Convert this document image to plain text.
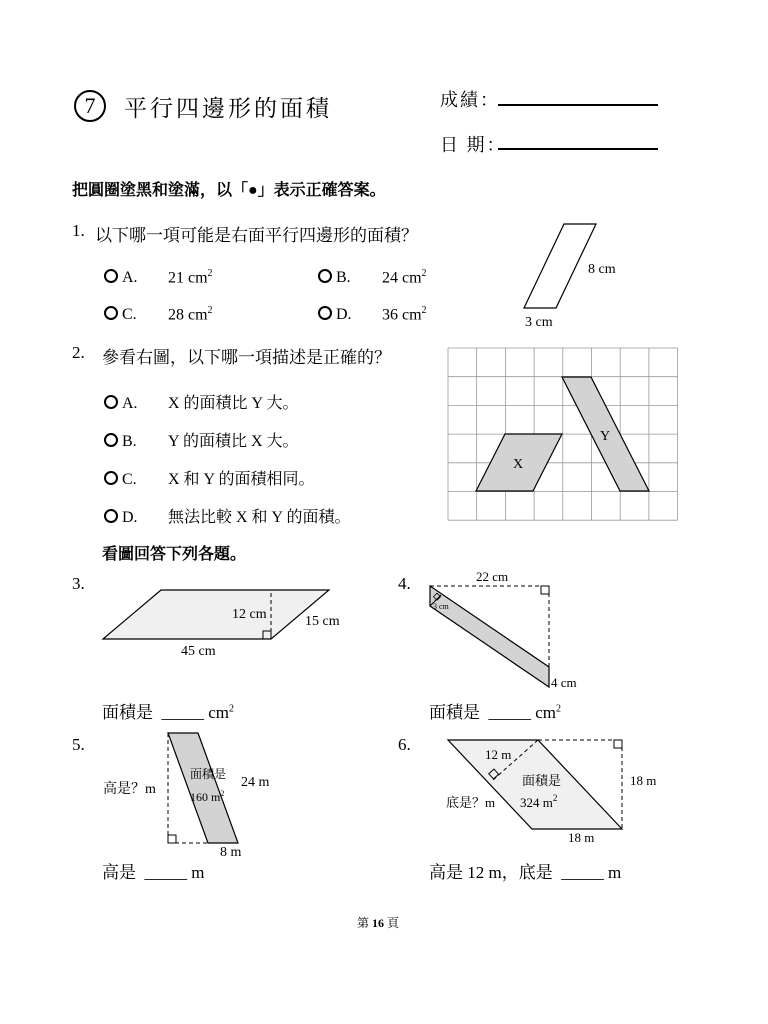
7	平行四邊形的面積	成績：
日 期：
把圓圈塗黑和塗滿，以「●」表示正確答案。
1. 以下哪一項可能是右面平行四邊形的面積？
A. 21 $cm^2$	B. 24 $cm^2$
C. 28 $cm^2$	D. 36 $cm^2$
8 cm
3 cm
2. 參看右圖，以下哪一項描述是正確的？
A. X 的面積比 Y 大。
B. Y 的面積比 X 大。
C. X 和 Y 的面積相同。
D. 無法比較 X 和 Y 的面積。
X
Y
看圖回答下列各題。
3.
12 cm	15 cm
45 cm
面積是 _____ $cm^2$
4.	22 cm
3 cm
4 cm
面積是 _____ $cm^2$
5.
高是？m
面積是
160 $m^2$
24 m
8 m
高是 _____ m
6.
12 m
面積是
324 $m^2$
底是？m
18 m
18 m
高是 12 m，底是 _____ m
第 16 頁
